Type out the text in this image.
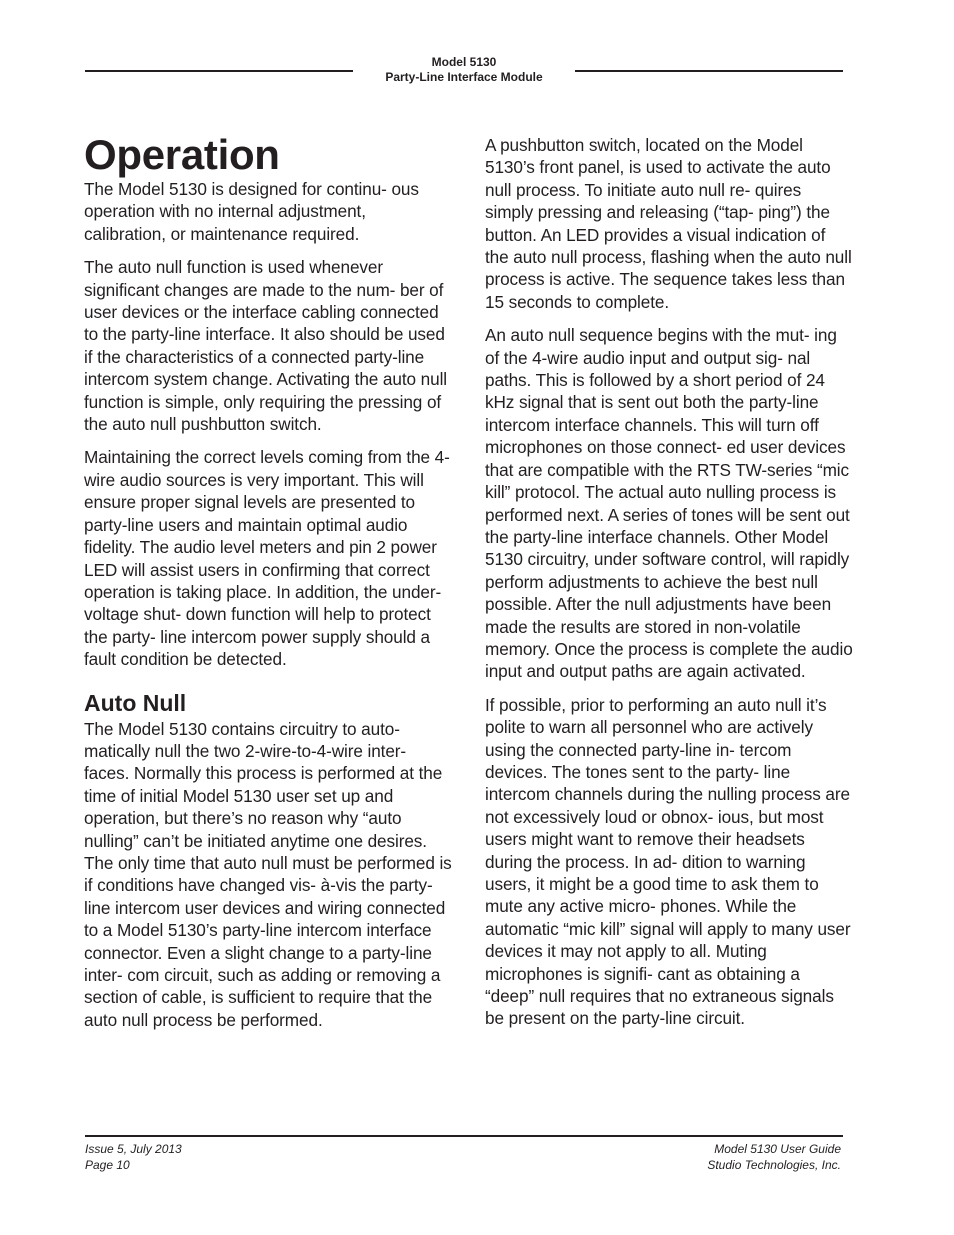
Model 5130
Party-Line Interface Module
Operation

The Model 5130 is designed for continu- ous operation with no internal adjustment, calibration, or maintenance required.

The auto null function is used whenever significant changes are made to the num- ber of user devices or the interface cabling connected to the party-line interface. It also should be used if the characteristics of a connected party-line intercom system change. Activating the auto null function is simple, only requiring the pressing of the auto null pushbutton switch.

Maintaining the correct levels coming from the 4-wire audio sources is very important. This will ensure proper signal levels are presented to party-line users and maintain optimal audio fidelity. The audio level meters and pin 2 power LED will assist users in confirming that correct operation is taking place. In addition, the under-voltage shut- down function will help to protect the party- line intercom power supply should a fault condition be detected.

Auto Null

The Model 5130 contains circuitry to auto- matically null the two 2-wire-to-4-wire inter- faces. Normally this process is performed at the time of initial Model 5130 user set up and operation, but there’s no reason why “auto nulling” can’t be initiated anytime one desires. The only time that auto null must be performed is if conditions have changed vis- à-vis the party-line intercom user devices and wiring connected to a Model 5130’s party-line intercom interface connector. Even a slight change to a party-line inter- com circuit, such as adding or removing a section of cable, is sufficient to require that the auto null process be performed.

A pushbutton switch, located on the Model 5130’s front panel, is used to activate the auto null process. To initiate auto null re- quires simply pressing and releasing (“tap- ping”) the button. An LED provides a visual indication of the auto null process, flashing when the auto null process is active. The sequence takes less than 15 seconds to complete.

An auto null sequence begins with the mut- ing of the 4-wire audio input and output sig- nal paths. This is followed by a short period of 24 kHz signal that is sent out both the party-line intercom interface channels. This will turn off microphones on those connect- ed user devices that are compatible with the RTS TW-series “mic kill” protocol. The actual auto nulling process is performed next. A series of tones will be sent out the party-line interface channels. Other Model 5130 circuitry, under software control, will rapidly perform adjustments to achieve the best null possible. After the null adjustments have been made the results are stored in non-volatile memory. Once the process is complete the audio input and output paths are again activated.

If possible, prior to performing an auto null it’s polite to warn all personnel who are actively using the connected party-line in- tercom devices. The tones sent to the party- line intercom channels during the nulling process are not excessively loud or obnox- ious, but most users might want to remove their headsets during the process. In ad- dition to warning users, it might be a good time to ask them to mute any active micro- phones. While the automatic “mic kill” signal will apply to many user devices it may not apply to all. Muting microphones is signifi- cant as obtaining a “deep” null requires that no extraneous signals be present on the party-line circuit.

Issue 5, July 2013
Page 10
Model 5130 User Guide
Studio Technologies, Inc.
